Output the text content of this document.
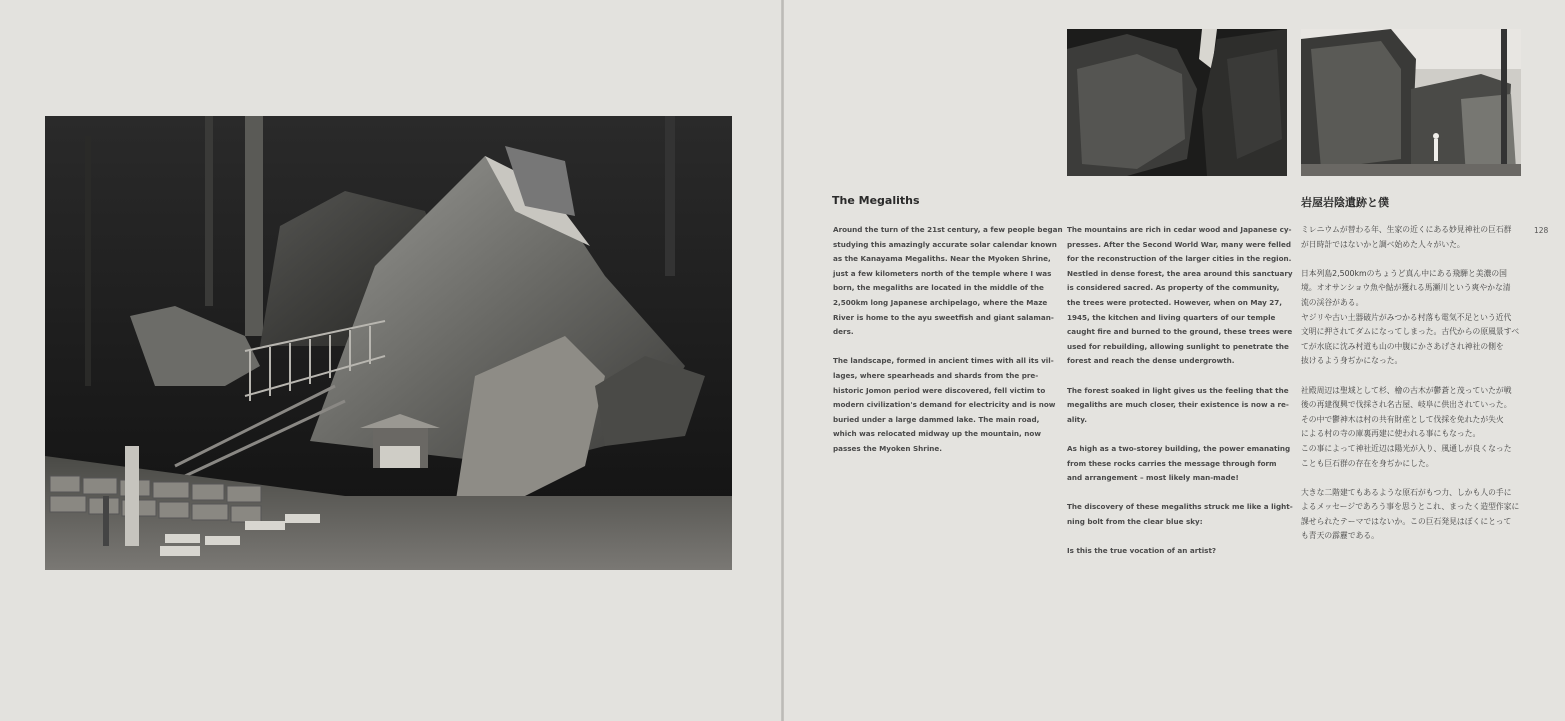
The Megaliths	岩屋岩陰遺跡と僕
128

Around the turn of the 21st century, a few people began
studying this amazingly accurate solar calendar known
as the Kanayama Megaliths. Near the Myoken Shrine,
just a few kilometers north of the temple where I was
born, the megaliths are located in the middle of the
2,500km long Japanese archipelago, where the Maze
River is home to the ayu sweetfish and giant salaman-
ders.

The landscape, formed in ancient times with all its vil-
lages, where spearheads and shards from the pre-
historic Jomon period were discovered, fell victim to
modern civilization's demand for electricity and is now
buried under a large dammed lake. The main road,
which was relocated midway up the mountain, now
passes the Myoken Shrine.

The mountains are rich in cedar wood and Japanese cy-
presses. After the Second World War, many were felled
for the reconstruction of the larger cities in the region.
Nestled in dense forest, the area around this sanctuary
is considered sacred. As property of the community,
the trees were protected. However, when on May 27,
1945, the kitchen and living quarters of our temple
caught fire and burned to the ground, these trees were
used for rebuilding, allowing sunlight to penetrate the
forest and reach the dense undergrowth.

The forest soaked in light gives us the feeling that the
megaliths are much closer, their existence is now a re-
ality.

As high as a two-storey building, the power emanating
from these rocks carries the message through form
and arrangement – most likely man-made!

The discovery of these megaliths struck me like a light-
ning bolt from the clear blue sky:

Is this the true vocation of an artist?

ミレニウムが替わる年、生家の近くにある妙見神社の巨石群
が日時計ではないかと調べ始めた人々がいた。

日本列島2,500kmのちょうど真ん中にある飛騨と美濃の国
境。オオサンショウ魚や鮎が獲れる馬瀬川という爽やかな清
流の渓谷がある。
ヤジリや古い土器破片がみつかる村落も電気不足という近代
文明に押されてダムになってしまった。古代からの原風景すべ
てが水底に沈み村道も山の中腹にかさあげされ神社の側を
抜けるよう身ぢかになった。

社殿周辺は聖域として杉、檜の古木が鬱蒼と茂っていたが戦
後の再建復興で伐採され名古屋、岐阜に供出されていった。
その中で鬱神木は村の共有財産として伐採を免れたが失火
による村の寺の庫裏再建に使われる事にもなった。
この事によって神社近辺は陽光が入り、風通しが良くなった
ことも巨石群の存在を身ぢかにした。

大きな二階建てもあるような原石がもつ力、しかも人の手に
よるメッセージであろう事を思うとこれ、まったく造型作家に
課せられたテーマではないか。この巨石発見はぼくにとって
も青天の霹靂である。
